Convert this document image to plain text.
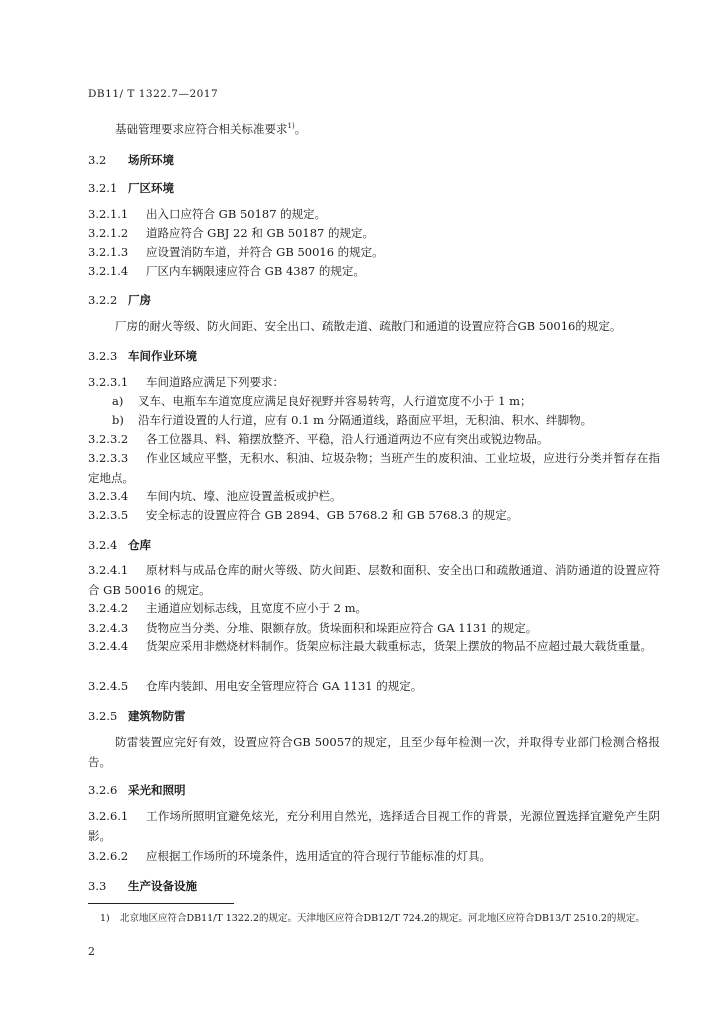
DB11/ T 1322.7—2017
基础管理要求应符合相关标准要求$^{1)}$。
3.2 场所环境
3.2.1 厂区环境
3.2.1.1 出入口应符合 GB 50187 的规定。
3.2.1.2 道路应符合 GBJ 22 和 GB 50187 的规定。
3.2.1.3 应设置消防车道，并符合 GB 50016 的规定。
3.2.1.4 厂区内车辆限速应符合 GB 4387 的规定。
3.2.2 厂房
厂房的耐火等级、防火间距、安全出口、疏散走道、疏散门和通道的设置应符合GB 50016的规定。
3.2.3 车间作业环境
3.2.3.1 车间道路应满足下列要求：
a) 叉车、电瓶车车道宽度应满足良好视野并容易转弯，人行道宽度不小于 1 m；
b) 沿车行道设置的人行道，应有 0.1 m 分隔通道线，路面应平坦，无积油、积水、绊脚物。
3.2.3.2 各工位器具、料、箱摆放整齐、平稳，沿人行通道两边不应有突出或锐边物品。
3.2.3.3 作业区域应平整，无积水、积油、垃圾杂物；当班产生的废积油、工业垃圾，应进行分类并暂存在指定地点。
3.2.3.4 车间内坑、壕、池应设置盖板或护栏。
3.2.3.5 安全标志的设置应符合 GB 2894、GB 5768.2 和 GB 5768.3 的规定。
3.2.4 仓库
3.2.4.1 原材料与成品仓库的耐火等级、防火间距、层数和面积、安全出口和疏散通道、消防通道的设置应符合 GB 50016 的规定。
3.2.4.2 主通道应划标志线，且宽度不应小于 2 m。
3.2.4.3 货物应当分类、分堆、限额存放。货垛面积和垛距应符合 GA 1131 的规定。
3.2.4.4 货架应采用非燃烧材料制作。货架应标注最大载重标志，货架上摆放的物品不应超过最大载货重量。
3.2.4.5 仓库内装卸、用电安全管理应符合 GA 1131 的规定。
3.2.5 建筑物防雷
防雷装置应完好有效，设置应符合GB 50057的规定，且至少每年检测一次，并取得专业部门检测合格报告。
3.2.6 采光和照明
3.2.6.1 工作场所照明宜避免炫光，充分利用自然光，选择适合目视工作的背景，光源位置选择宜避免产生阴影。
3.2.6.2 应根据工作场所的环境条件，选用适宜的符合现行节能标准的灯具。
3.3 生产设备设施
1) 北京地区应符合DB11/T 1322.2的规定。天津地区应符合DB12/T 724.2的规定。河北地区应符合DB13/T 2510.2的规定。
2
